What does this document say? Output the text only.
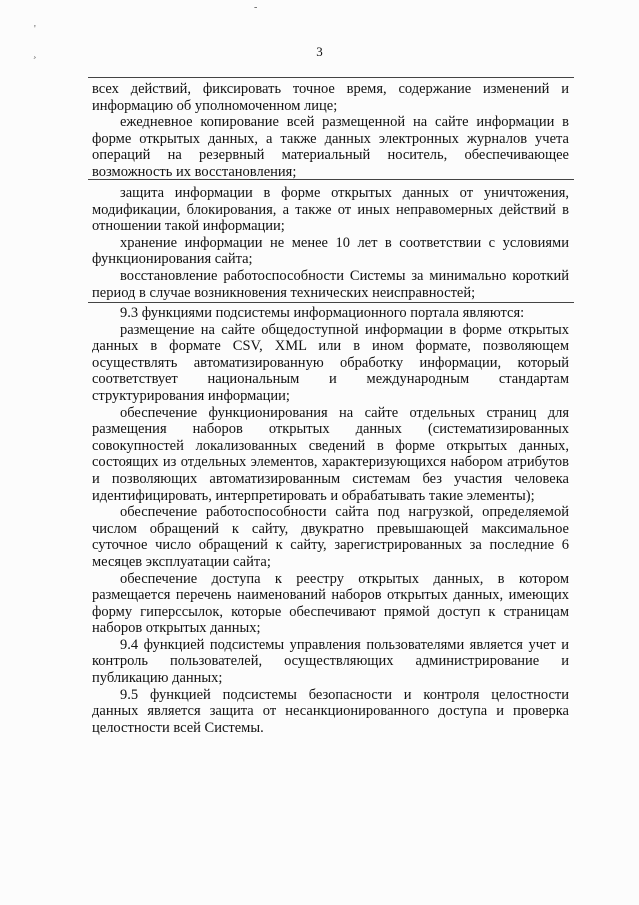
-
'
¸	3

всех действий, фиксировать точное время, содержание изменений и информацию об уполномоченном лице;

ежедневное копирование всей размещенной на сайте информации в форме открытых данных, а также данных электронных журналов учета операций на резервный материальный носитель, обеспечивающее возможность их восстановления;

защита информации в форме открытых данных от уничтожения, модификации, блокирования, а также от иных неправомерных действий в отношении такой информации;

хранение информации не менее 10 лет в соответствии с условиями функционирования сайта;

восстановление работоспособности Системы за минимально короткий период в случае возникновения технических неисправностей;

9.3 функциями подсистемы информационного портала являются:

размещение на сайте общедоступной информации в форме открытых данных в формате CSV, XML или в ином формате, позволяющем осуществлять автоматизированную обработку информации, который соответствует национальным и международным стандартам структурирования информации;

обеспечение функционирования на сайте отдельных страниц для размещения наборов открытых данных (систематизированных совокупностей локализованных сведений в форме открытых данных, состоящих из отдельных элементов, характеризующихся набором атрибутов и позволяющих автоматизированным системам без участия человека идентифицировать, интерпретировать и обрабатывать такие элементы);

обеспечение работоспособности сайта под нагрузкой, определяемой числом обращений к сайту, двукратно превышающей максимальное суточное число обращений к сайту, зарегистрированных за последние 6 месяцев эксплуатации сайта;

обеспечение доступа к реестру открытых данных, в котором размещается перечень наименований наборов открытых данных, имеющих форму гиперссылок, которые обеспечивают прямой доступ к страницам наборов открытых данных;

9.4 функцией подсистемы управления пользователями является учет и контроль пользователей, осуществляющих администрирование и публикацию данных;

9.5 функцией подсистемы безопасности и контроля целостности данных является защита от несанкционированного доступа и проверка целостности всей Системы.
